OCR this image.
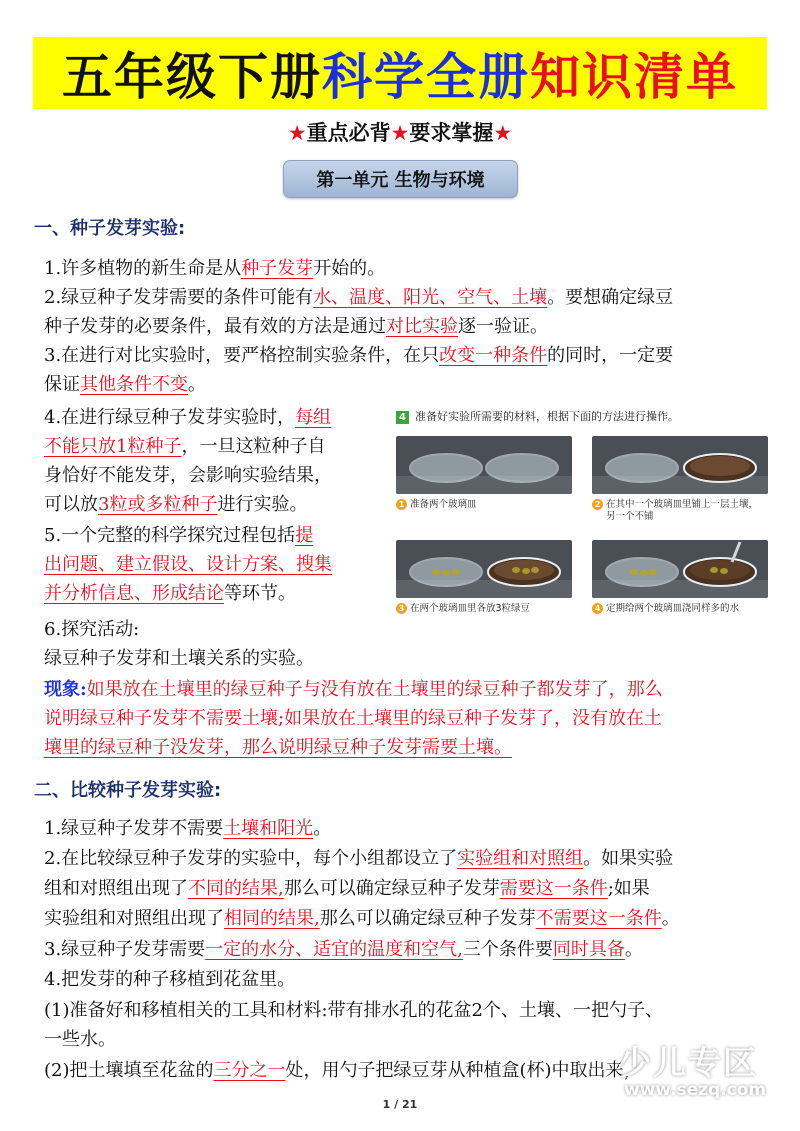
五年级下册 科学全册 知识清单
★重点必背★要求掌握★
第一单元 生物与环境
一、种子发芽实验:
1.许多植物的新生命是从种子发芽开始的。
2.绿豆种子发芽需要的条件可能有水、温度、阳光、空气、土壤。要想确定绿豆
种子发芽的必要条件，最有效的方法是通过对比实验逐一验证。
3.在进行对比实验时，要严格控制实验条件，在只改变一种条件的同时，一定要
保证其他条件不变。
4.在进行绿豆种子发芽实验时，每组
不能只放1粒种子，一旦这粒种子自
身恰好不能发芽，会影响实验结果，
可以放3粒或多粒种子进行实验。
5.一个完整的科学探究过程包括提
出问题、建立假设、设计方案、搜集
并分析信息、形成结论等环节。
6.探究活动:
绿豆种子发芽和土壤关系的实验。
现象:如果放在土壤里的绿豆种子与没有放在土壤里的绿豆种子都发芽了，那么
说明绿豆种子发芽不需要土壤;如果放在土壤里的绿豆种子发芽了，没有放在土
壤里的绿豆种子没发芽，那么说明绿豆种子发芽需要土壤。
4 准备好实验所需要的材料，根据下面的方法进行操作。
1 准备两个玻璃皿	2 在其中一个玻璃皿里铺上一层土壤，
另一个不铺
3 在两个玻璃皿里各放3粒绿豆	4 定期给两个玻璃皿浇同样多的水
二、比较种子发芽实验:
1.绿豆种子发芽不需要土壤和阳光。
2.在比较绿豆种子发芽的实验中，每个小组都设立了实验组和对照组。如果实验
组和对照组出现了不同的结果,那么可以确定绿豆种子发芽需要这一条件;如果
实验组和对照组出现了相同的结果,那么可以确定绿豆种子发芽不需要这一条件。
3.绿豆种子发芽需要一定的水分、适宜的温度和空气,三个条件要同时具备。
4.把发芽的种子移植到花盆里。
(1)准备好和移植相关的工具和材料:带有排水孔的花盆2个、土壤、一把勺子、
一些水。
(2)把土壤填至花盆的三分之一处，用勺子把绿豆芽从种植盒(杯)中取出来，
少儿专区
www.sezq.com
1 / 21
